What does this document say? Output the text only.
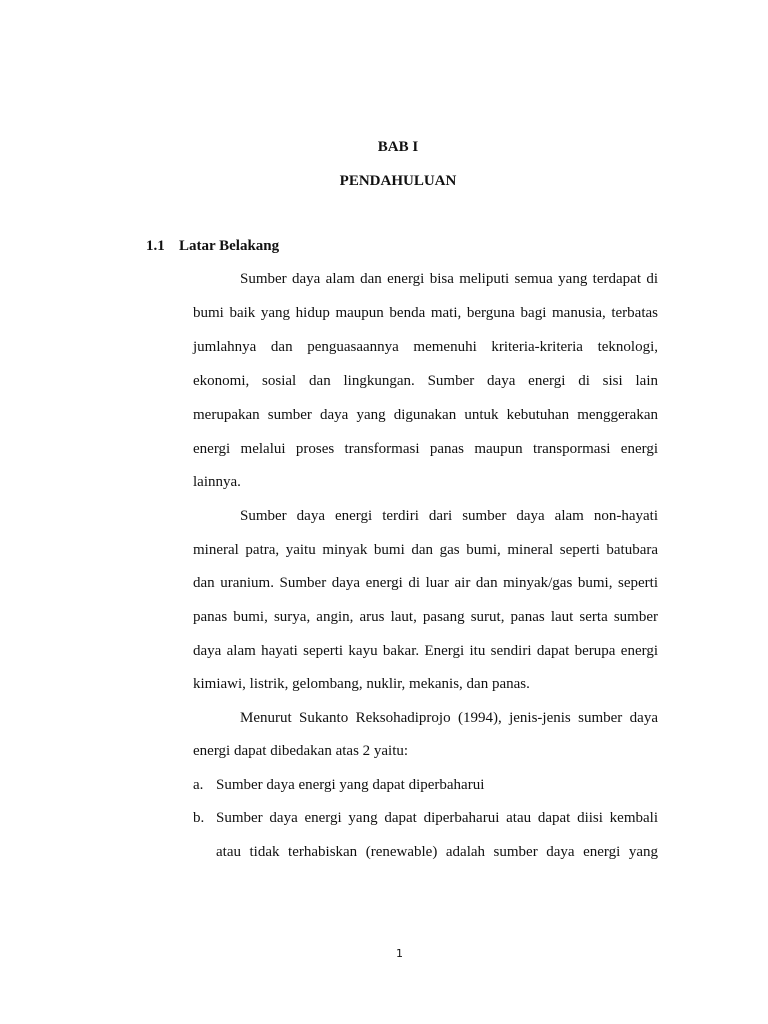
BAB I
PENDAHULUAN
1.1 Latar Belakang
Sumber daya alam dan energi bisa meliputi semua yang terdapat di
bumi baik yang hidup maupun benda mati, berguna bagi manusia, terbatas
jumlahnya dan penguasaannya memenuhi kriteria-kriteria teknologi,
ekonomi, sosial dan lingkungan. Sumber daya energi di sisi lain
merupakan sumber daya yang digunakan untuk kebutuhan menggerakan
energi melalui proses transformasi panas maupun transpormasi energi
lainnya.
Sumber daya energi terdiri dari sumber daya alam non-hayati
mineral patra, yaitu minyak bumi dan gas bumi, mineral seperti batubara
dan uranium. Sumber daya energi di luar air dan minyak/gas bumi, seperti
panas bumi, surya, angin, arus laut, pasang surut, panas laut serta sumber
daya alam hayati seperti kayu bakar. Energi itu sendiri dapat berupa energi
kimiawi, listrik, gelombang, nuklir, mekanis, dan panas.
Menurut Sukanto Reksohadiprojo (1994), jenis-jenis sumber daya
energi dapat dibedakan atas 2 yaitu:
a. Sumber daya energi yang dapat diperbaharui
b. Sumber daya energi yang dapat diperbaharui atau dapat diisi kembali
atau tidak terhabiskan (renewable) adalah sumber daya energi yang
1
